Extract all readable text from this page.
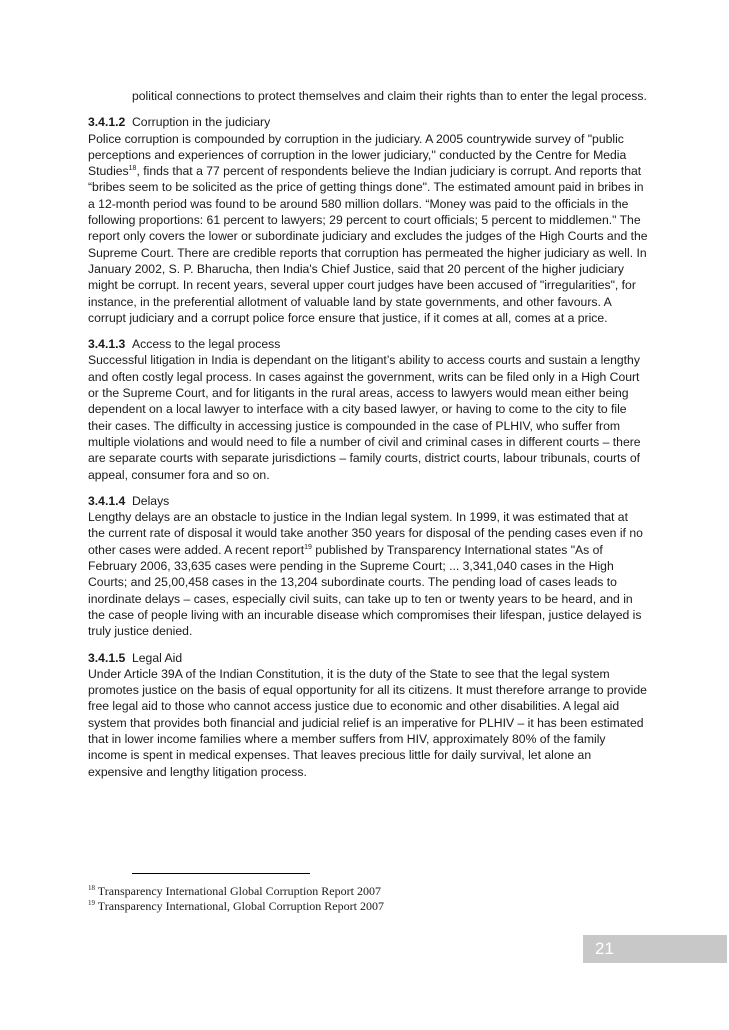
political connections to protect themselves and claim their rights than to enter the legal process.

3.4.1.2 Corruption in the judiciary

Police corruption is compounded by corruption in the judiciary. A 2005 countrywide survey of "public perceptions and experiences of corruption in the lower judiciary,'' conducted by the Centre for Media Studies$^{18}$, finds that a 77 percent of respondents believe the Indian judiciary is corrupt. And reports that “bribes seem to be solicited as the price of getting things done". The estimated amount paid in bribes in a 12-month period was found to be around 580 million dollars. “Money was paid to the officials in the following proportions: 61 percent to lawyers; 29 percent to court officials; 5 percent to middlemen." The report only covers the lower or subordinate judiciary and excludes the judges of the High Courts and the Supreme Court. There are credible reports that corruption has permeated the higher judiciary as well. In January 2002, S. P. Bharucha, then India's Chief Justice, said that 20 percent of the higher judiciary might be corrupt. In recent years, several upper court judges have been accused of "irregularities", for instance, in the preferential allotment of valuable land by state governments, and other favours. A corrupt judiciary and a corrupt police force ensure that justice, if it comes at all, comes at a price.

3.4.1.3 Access to the legal process

Successful litigation in India is dependant on the litigant’s ability to access courts and sustain a lengthy and often costly legal process. In cases against the government, writs can be filed only in a High Court or the Supreme Court, and for litigants in the rural areas, access to lawyers would mean either being dependent on a local lawyer to interface with a city based lawyer, or having to come to the city to file their cases. The difficulty in accessing justice is compounded in the case of PLHIV, who suffer from multiple violations and would need to file a number of civil and criminal cases in different courts – there are separate courts with separate jurisdictions – family courts, district courts, labour tribunals, courts of appeal, consumer fora and so on.

3.4.1.4 Delays

Lengthy delays are an obstacle to justice in the Indian legal system. In 1999, it was estimated that at the current rate of disposal it would take another 350 years for disposal of the pending cases even if no other cases were added. A recent report$^{19}$ published by Transparency International states "As of February 2006, 33,635 cases were pending in the Supreme Court; ... 3,341,040 cases in the High Courts; and 25,00,458 cases in the 13,204 subordinate courts. The pending load of cases leads to inordinate delays – cases, especially civil suits, can take up to ten or twenty years to be heard, and in the case of people living with an incurable disease which compromises their lifespan, justice delayed is truly justice denied.

3.4.1.5 Legal Aid

Under Article 39A of the Indian Constitution, it is the duty of the State to see that the legal system promotes justice on the basis of equal opportunity for all its citizens. It must therefore arrange to provide free legal aid to those who cannot access justice due to economic and other disabilities. A legal aid system that provides both financial and judicial relief is an imperative for PLHIV – it has been estimated that in lower income families where a member suffers from HIV, approximately 80% of the family income is spent in medical expenses. That leaves precious little for daily survival, let alone an expensive and lengthy litigation process.

$^{18}$ Transparency International Global Corruption Report 2007
$^{19}$ Transparency International, Global Corruption Report 2007
21
